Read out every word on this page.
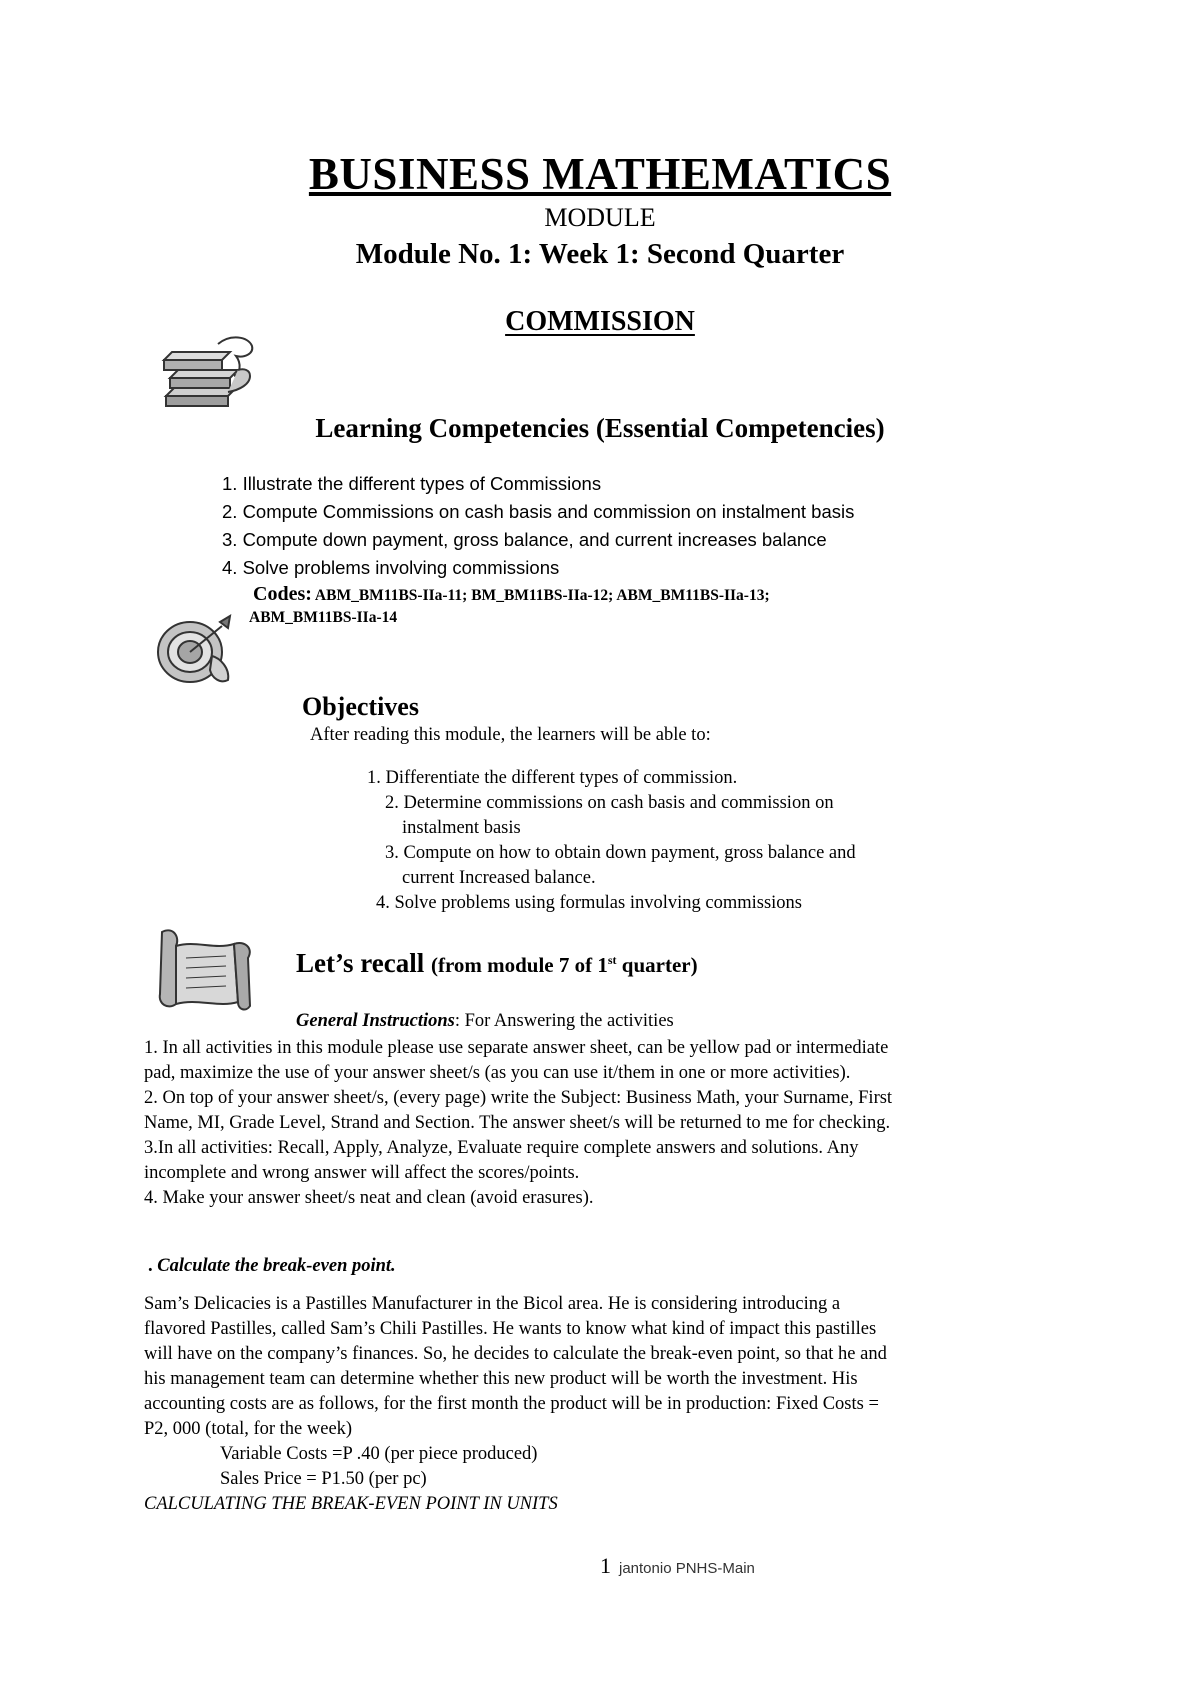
BUSINESS MATHEMATICS
MODULE
Module No. 1: Week 1: Second Quarter
COMMISSION
Learning Competencies (Essential Competencies)
1. Illustrate the different types of Commissions
2. Compute Commissions on cash basis and commission on instalment basis
3. Compute down payment, gross balance, and current increases balance
4. Solve problems involving commissions
Codes: ABM_BM11BS-IIa-11; BM_BM11BS-IIa-12; ABM_BM11BS-IIa-13;
ABM_BM11BS-IIa-14
Objectives
After reading this module, the learners will be able to:
1. Differentiate the different types of commission.
2. Determine commissions on cash basis and commission on
instalment basis
3. Compute on how to obtain down payment, gross balance and
current Increased balance.
4. Solve problems using formulas involving commissions
Let’s recall (from module 7 of 1st quarter)
General Instructions: For Answering the activities
1. In all activities in this module please use separate answer sheet, can be yellow pad or intermediate
pad, maximize the use of your answer sheet/s (as you can use it/them in one or more activities).
2. On top of your answer sheet/s, (every page) write the Subject: Business Math, your Surname, First
Name, MI, Grade Level, Strand and Section. The answer sheet/s will be returned to me for checking.
3.In all activities: Recall, Apply, Analyze, Evaluate require complete answers and solutions. Any
incomplete and wrong answer will affect the scores/points.
4. Make your answer sheet/s neat and clean (avoid erasures).
. Calculate the break-even point.
Sam’s Delicacies is a Pastilles Manufacturer in the Bicol area. He is considering introducing a
flavored Pastilles, called Sam’s Chili Pastilles. He wants to know what kind of impact this pastilles
will have on the company’s finances. So, he decides to calculate the break-even point, so that he and
his management team can determine whether this new product will be worth the investment. His
accounting costs are as follows, for the first month the product will be in production: Fixed Costs =
P2, 000 (total, for the week)
Variable Costs =P .40 (per piece produced)
Sales Price = P1.50 (per pc)
CALCULATING THE BREAK-EVEN POINT IN UNITS
1 jantonio PNHS-Main
